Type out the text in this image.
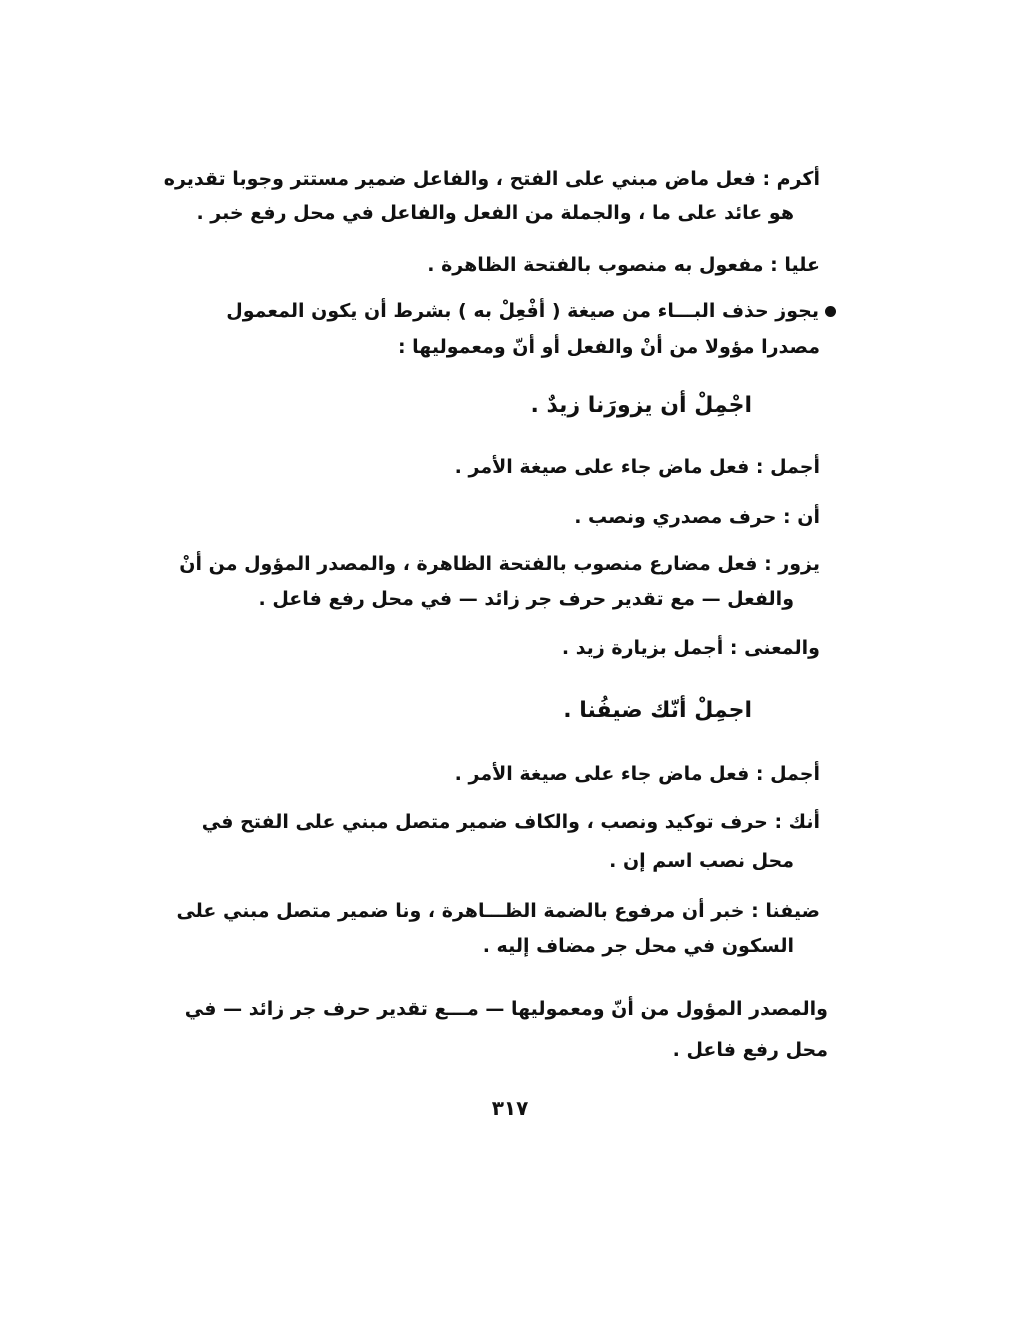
أكرم : فعل ماض مبني على الفتح ، والفاعل ضمير مستتر وجوبا تقديره
هو عائد على ما ، والجملة من الفعل والفاعل في محل رفع خبر .
عليا : مفعول به منصوب بالفتحة الظاهرة .
يجوز حذف البـــاء من صيغة ( أفْعِلْ به ) بشرط أن يكون المعمول
مصدرا مؤولا من أنْ والفعل أو أنّ ومعموليها :
اجْمِلْ أن يزورَنا زيدٌ .
أجمل : فعل ماض جاء على صيغة الأمر .
أن : حرف مصدري ونصب .
يزور : فعل مضارع منصوب بالفتحة الظاهرة ، والمصدر المؤول من أنْ
والفعل — مع تقدير حرف جر زائد — في محل رفع فاعل .
والمعنى : أجمل بزيارة زيد .
اجمِلْ أنّك ضيفُنا .
أجمل : فعل ماض جاء على صيغة الأمر .
أنك : حرف توكيد ونصب ، والكاف ضمير متصل مبني على الفتح في
محل نصب اسم إن .
ضيفنا : خبر أن مرفوع بالضمة الظـــاهرة ، ونا ضمير متصل مبني على
السكون في محل جر مضاف إليه .
والمصدر المؤول من أنّ ومعموليها — مـــع تقدير حرف جر زائد — في
محل رفع فاعل .
٣١٧
